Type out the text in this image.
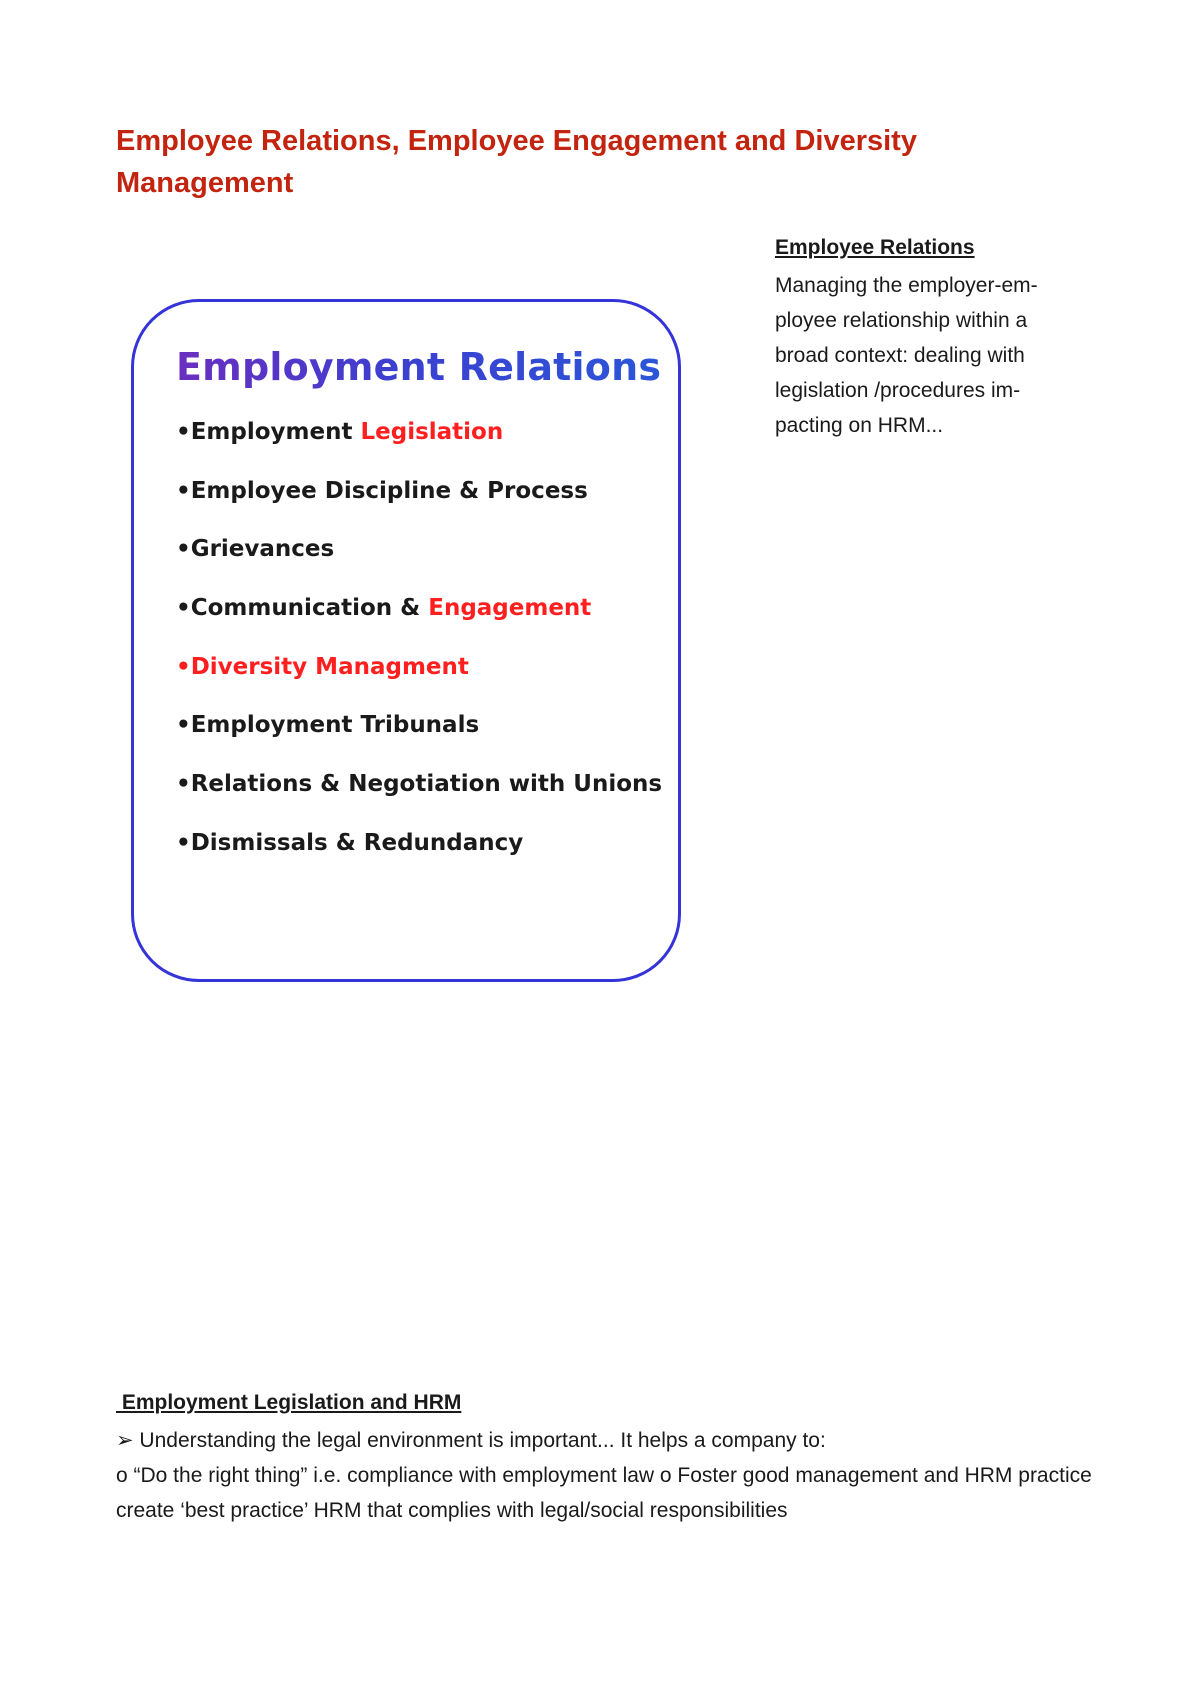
Employee Relations, Employee Engagement and Diversity Management
Employment Relations
•Employment Legislation
•Employee Discipline & Process
•Grievances
•Communication & Engagement
•Diversity Managment
•Employment Tribunals
•Relations & Negotiation with Unions
•Dismissals & Redundancy
Employee Relations

Managing the employer-em-
ployee relationship within a
broad context: dealing with
legislation /procedures im-
pacting on HRM...

Employment Legislation and HRM

➢ Understanding the legal environment is important... It helps a company to:

o “Do the right thing” i.e. compliance with employment law o Foster good management and HRM practice

create ‘best practice’ HRM that complies with legal/social responsibilities
